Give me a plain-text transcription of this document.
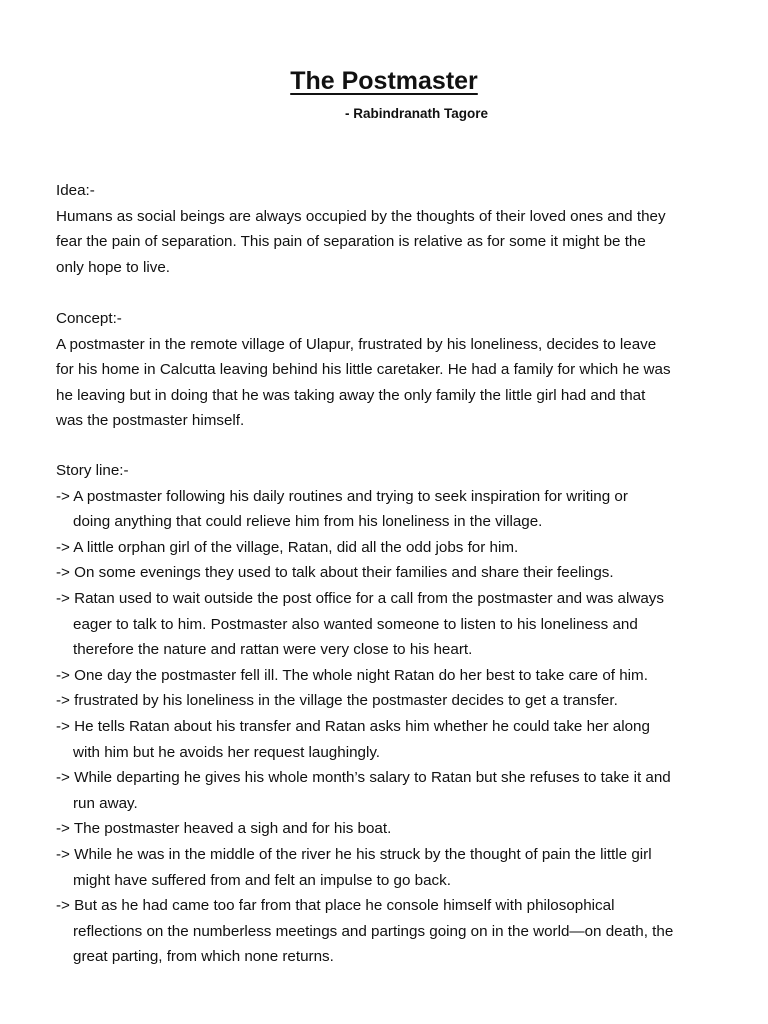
The Postmaster
- Rabindranath Tagore

Idea:-

Humans as social beings are always occupied by the thoughts of their loved ones and they

fear the pain of separation. This pain of separation is relative as for some it might be the

only hope to live.

Concept:-

A postmaster in the remote village of Ulapur, frustrated by his loneliness, decides to leave

for his home in Calcutta leaving behind his little caretaker. He had a family for which he was

he leaving but in doing that he was taking away the only family the little girl had and that

was the postmaster himself.

Story line:-

-> A postmaster following his daily routines and trying to seek inspiration for writing or
doing anything that could relieve him from his loneliness in the village.
-> A little orphan girl of the village, Ratan, did all the odd jobs for him.
-> On some evenings they used to talk about their families and share their feelings.
-> Ratan used to wait outside the post office for a call from the postmaster and was always
eager to talk to him. Postmaster also wanted someone to listen to his loneliness and
therefore the nature and rattan were very close to his heart.
-> One day the postmaster fell ill. The whole night Ratan do her best to take care of him.
-> frustrated by his loneliness in the village the postmaster decides to get a transfer.
-> He tells Ratan about his transfer and Ratan asks him whether he could take her along
with him but he avoids her request laughingly.
-> While departing he gives his whole month’s salary to Ratan but she refuses to take it and
run away.
-> The postmaster heaved a sigh and for his boat.
-> While he was in the middle of the river he his struck by the thought of pain the little girl
might have suffered from and felt an impulse to go back.
-> But as he had came too far from that place he console himself with philosophical
reflections on the numberless meetings and partings going on in the world—on death, the
great parting, from which none returns.
